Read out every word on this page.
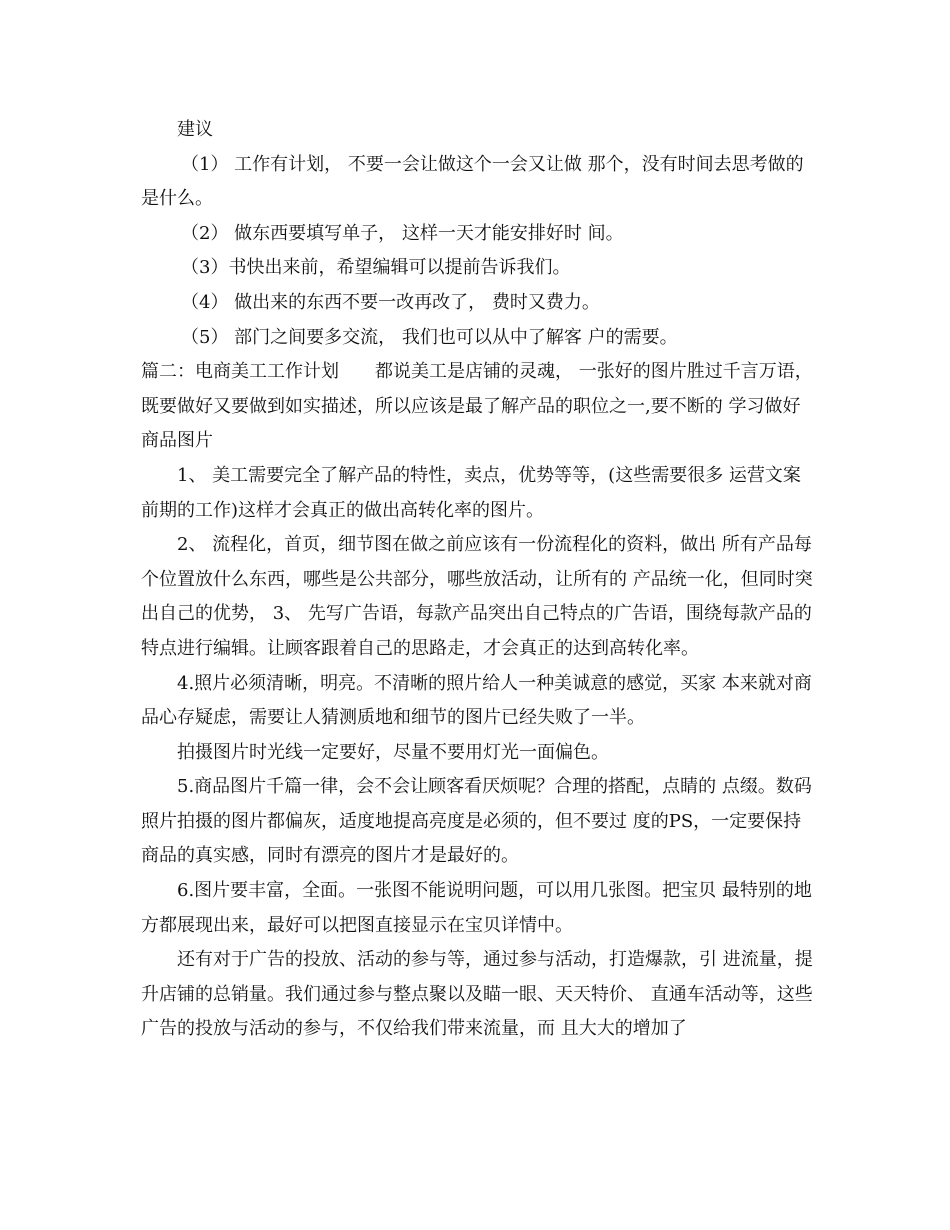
建议

（1） 工作有计划， 不要一会让做这个一会又让做 那个，没有时间去思考做的是什么。

（2） 做东西要填写单子， 这样一天才能安排好时 间。

（3）书快出来前，希望编辑可以提前告诉我们。

（4） 做出来的东西不要一改再改了， 费时又费力。

（5） 部门之间要多交流， 我们也可以从中了解客 户的需要。

篇二：电商美工工作计划　　都说美工是店铺的灵魂， 一张好的图片胜过千言万语， 既要做好又要做到如实描述，所以应该是最了解产品的职位之一,要不断的 学习做好商品图片

1、 美工需要完全了解产品的特性，卖点，优势等等，(这些需要很多 运营文案前期的工作)这样才会真正的做出高转化率的图片。

2、 流程化，首页，细节图在做之前应该有一份流程化的资料，做出 所有产品每个位置放什么东西，哪些是公共部分，哪些放活动，让所有的 产品统一化，但同时突出自己的优势， 3、 先写广告语，每款产品突出自己特点的广告语，围绕每款产品的 特点进行编辑。让顾客跟着自己的思路走，才会真正的达到高转化率。

4.照片必须清晰，明亮。不清晰的照片给人一种美诚意的感觉，买家 本来就对商品心存疑虑，需要让人猜测质地和细节的图片已经失败了一半。

拍摄图片时光线一定要好，尽量不要用灯光一面偏色。

5.商品图片千篇一律，会不会让顾客看厌烦呢？合理的搭配，点睛的 点缀。数码照片拍摄的图片都偏灰，适度地提高亮度是必须的，但不要过 度的PS，一定要保持商品的真实感，同时有漂亮的图片才是最好的。

6.图片要丰富，全面。一张图不能说明问题，可以用几张图。把宝贝 最特别的地方都展现出来，最好可以把图直接显示在宝贝详情中。

还有对于广告的投放、活动的参与等，通过参与活动，打造爆款，引 进流量，提升店铺的总销量。我们通过参与整点聚以及瞄一眼、天天特价、 直通车活动等，这些广告的投放与活动的参与，不仅给我们带来流量，而 且大大的增加了
